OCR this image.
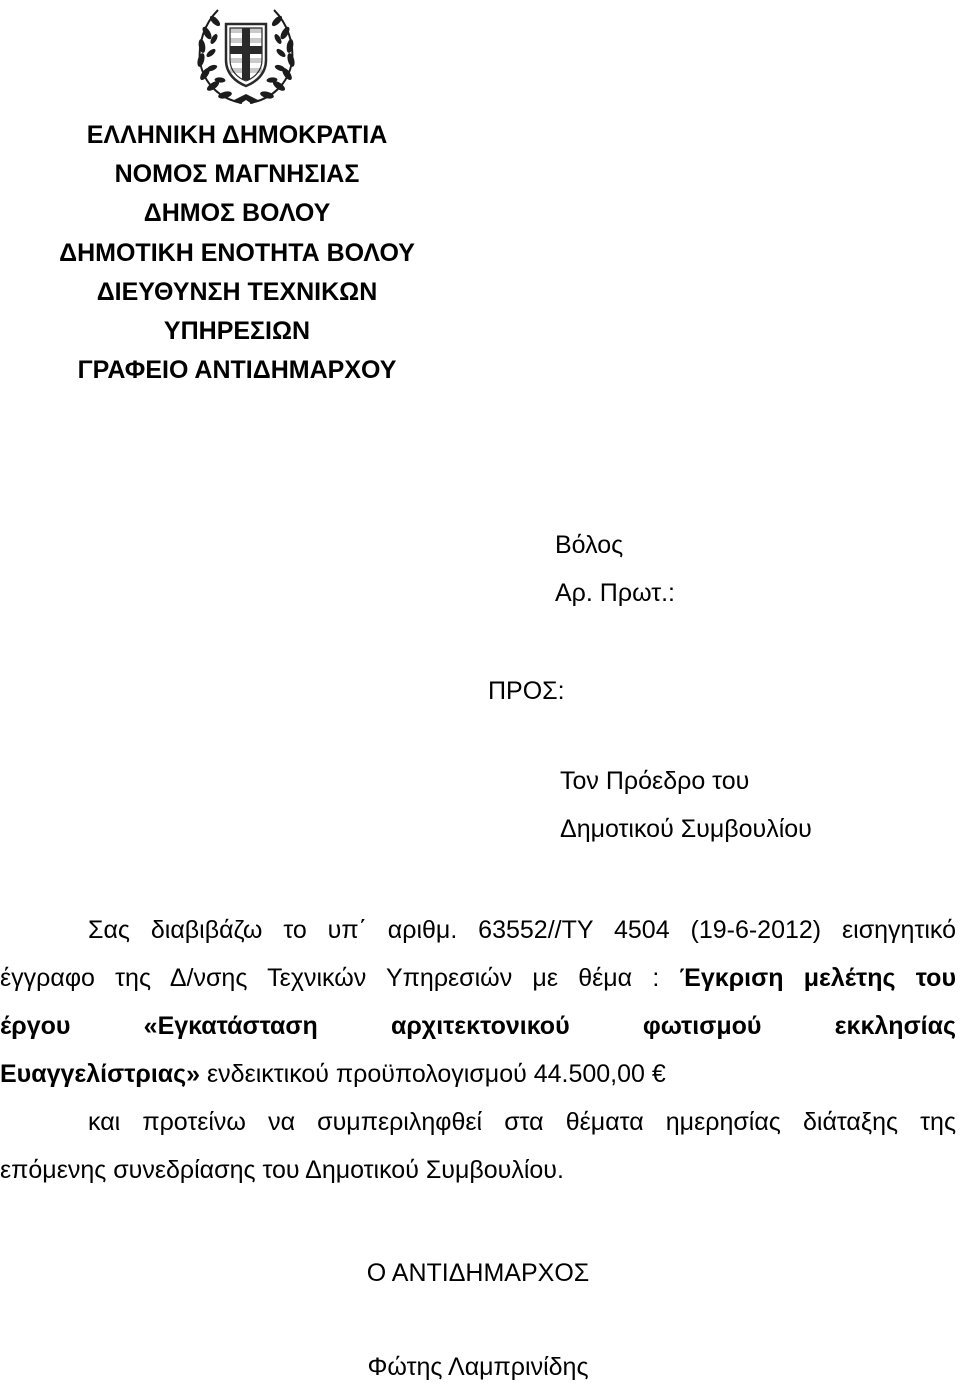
ΕΛΛΗΝΙΚΗ ΔΗΜΟΚΡΑΤΙΑ
ΝΟΜΟΣ ΜΑΓΝΗΣΙΑΣ
ΔΗΜΟΣ ΒΟΛΟΥ
ΔΗΜΟΤΙΚΗ ΕΝΟΤΗΤΑ ΒΟΛΟΥ
ΔΙΕΥΘΥΝΣΗ ΤΕΧΝΙΚΩΝ
ΥΠΗΡΕΣΙΩΝ
ΓΡΑΦΕΙΟ ΑΝΤΙΔΗΜΑΡΧΟΥ
Βόλος
Αρ. Πρωτ.:
ΠΡΟΣ:
Τον Πρόεδρο του
Δημοτικού Συμβουλίου
Σας διαβιβάζω το υπ΄ αριθμ. 63552//ΤΥ 4504 (19-6-2012) εισηγητικό
έγγραφο της Δ/νσης Τεχνικών Υπηρεσιών με θέμα : Έγκριση μελέτης του
έργου «Εγκατάσταση αρχιτεκτονικού φωτισμού εκκλησίας
Ευαγγελίστριας» ενδεικτικού προϋπολογισμού 44.500,00 €
και προτείνω να συμπεριληφθεί στα θέματα ημερησίας διάταξης της
επόμενης συνεδρίασης του Δημοτικού Συμβουλίου.
Ο ΑΝΤΙΔΗΜΑΡΧΟΣ
Φώτης Λαμπρινίδης
